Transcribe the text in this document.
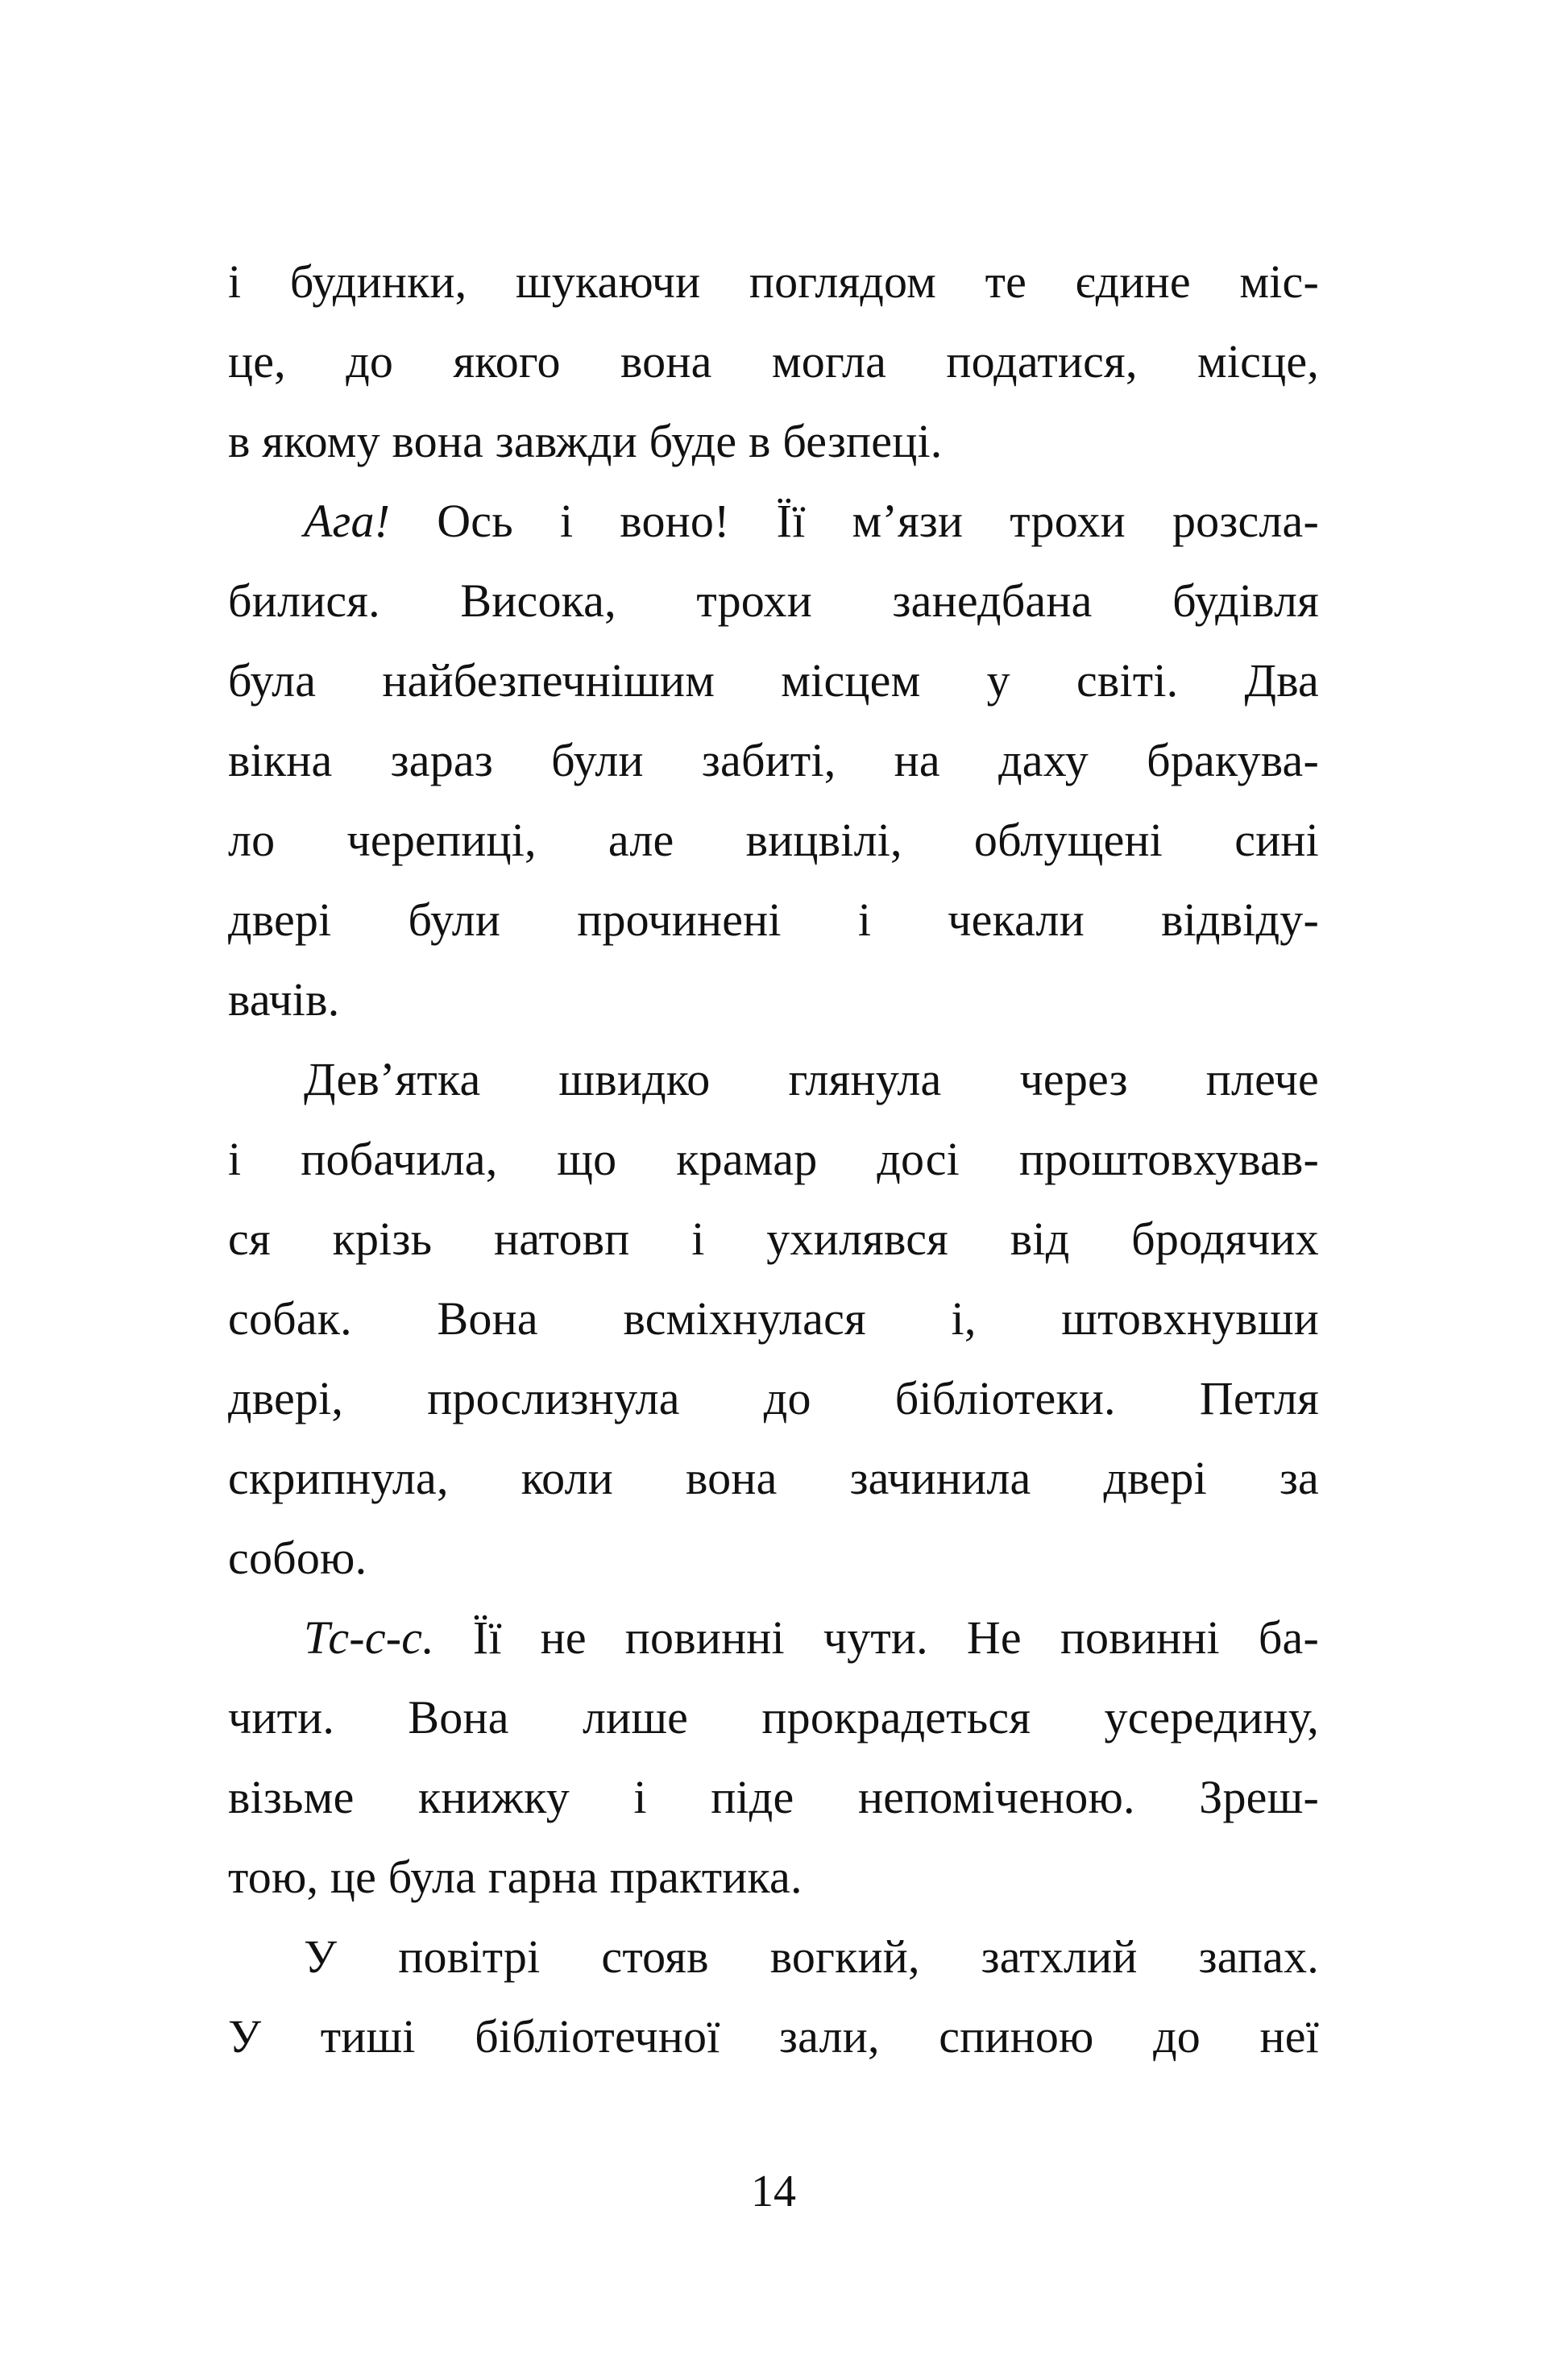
і будинки, шукаючи поглядом те єдине міс-
це, до якого вона могла податися, місце,
в якому вона завжди буде в безпеці.
Ага! Ось і воно! Її м’язи трохи розсла-
билися. Висока, трохи занедбана будівля
була найбезпечнішим місцем у світі. Два
вікна зараз були забиті, на даху бракува-
ло черепиці, але вицвілі, облущені сині
двері були прочинені і чекали відвіду-
вачів.
Дев’ятка швидко глянула через плече
і побачила, що крамар досі проштовхував-
ся крізь натовп і ухилявся від бродячих
собак. Вона всміхнулася і, штовхнувши
двері, прослизнула до бібліотеки. Петля
скрипнула, коли вона зачинила двері за
собою.
Тс-с-с. Її не повинні чути. Не повинні ба-
чити. Вона лише прокрадеться усередину,
візьме книжку і піде непоміченою. Зреш-
тою, це була гарна практика.
У повітрі стояв вогкий, затхлий запах.
У тиші бібліотечної зали, спиною до неї
14
